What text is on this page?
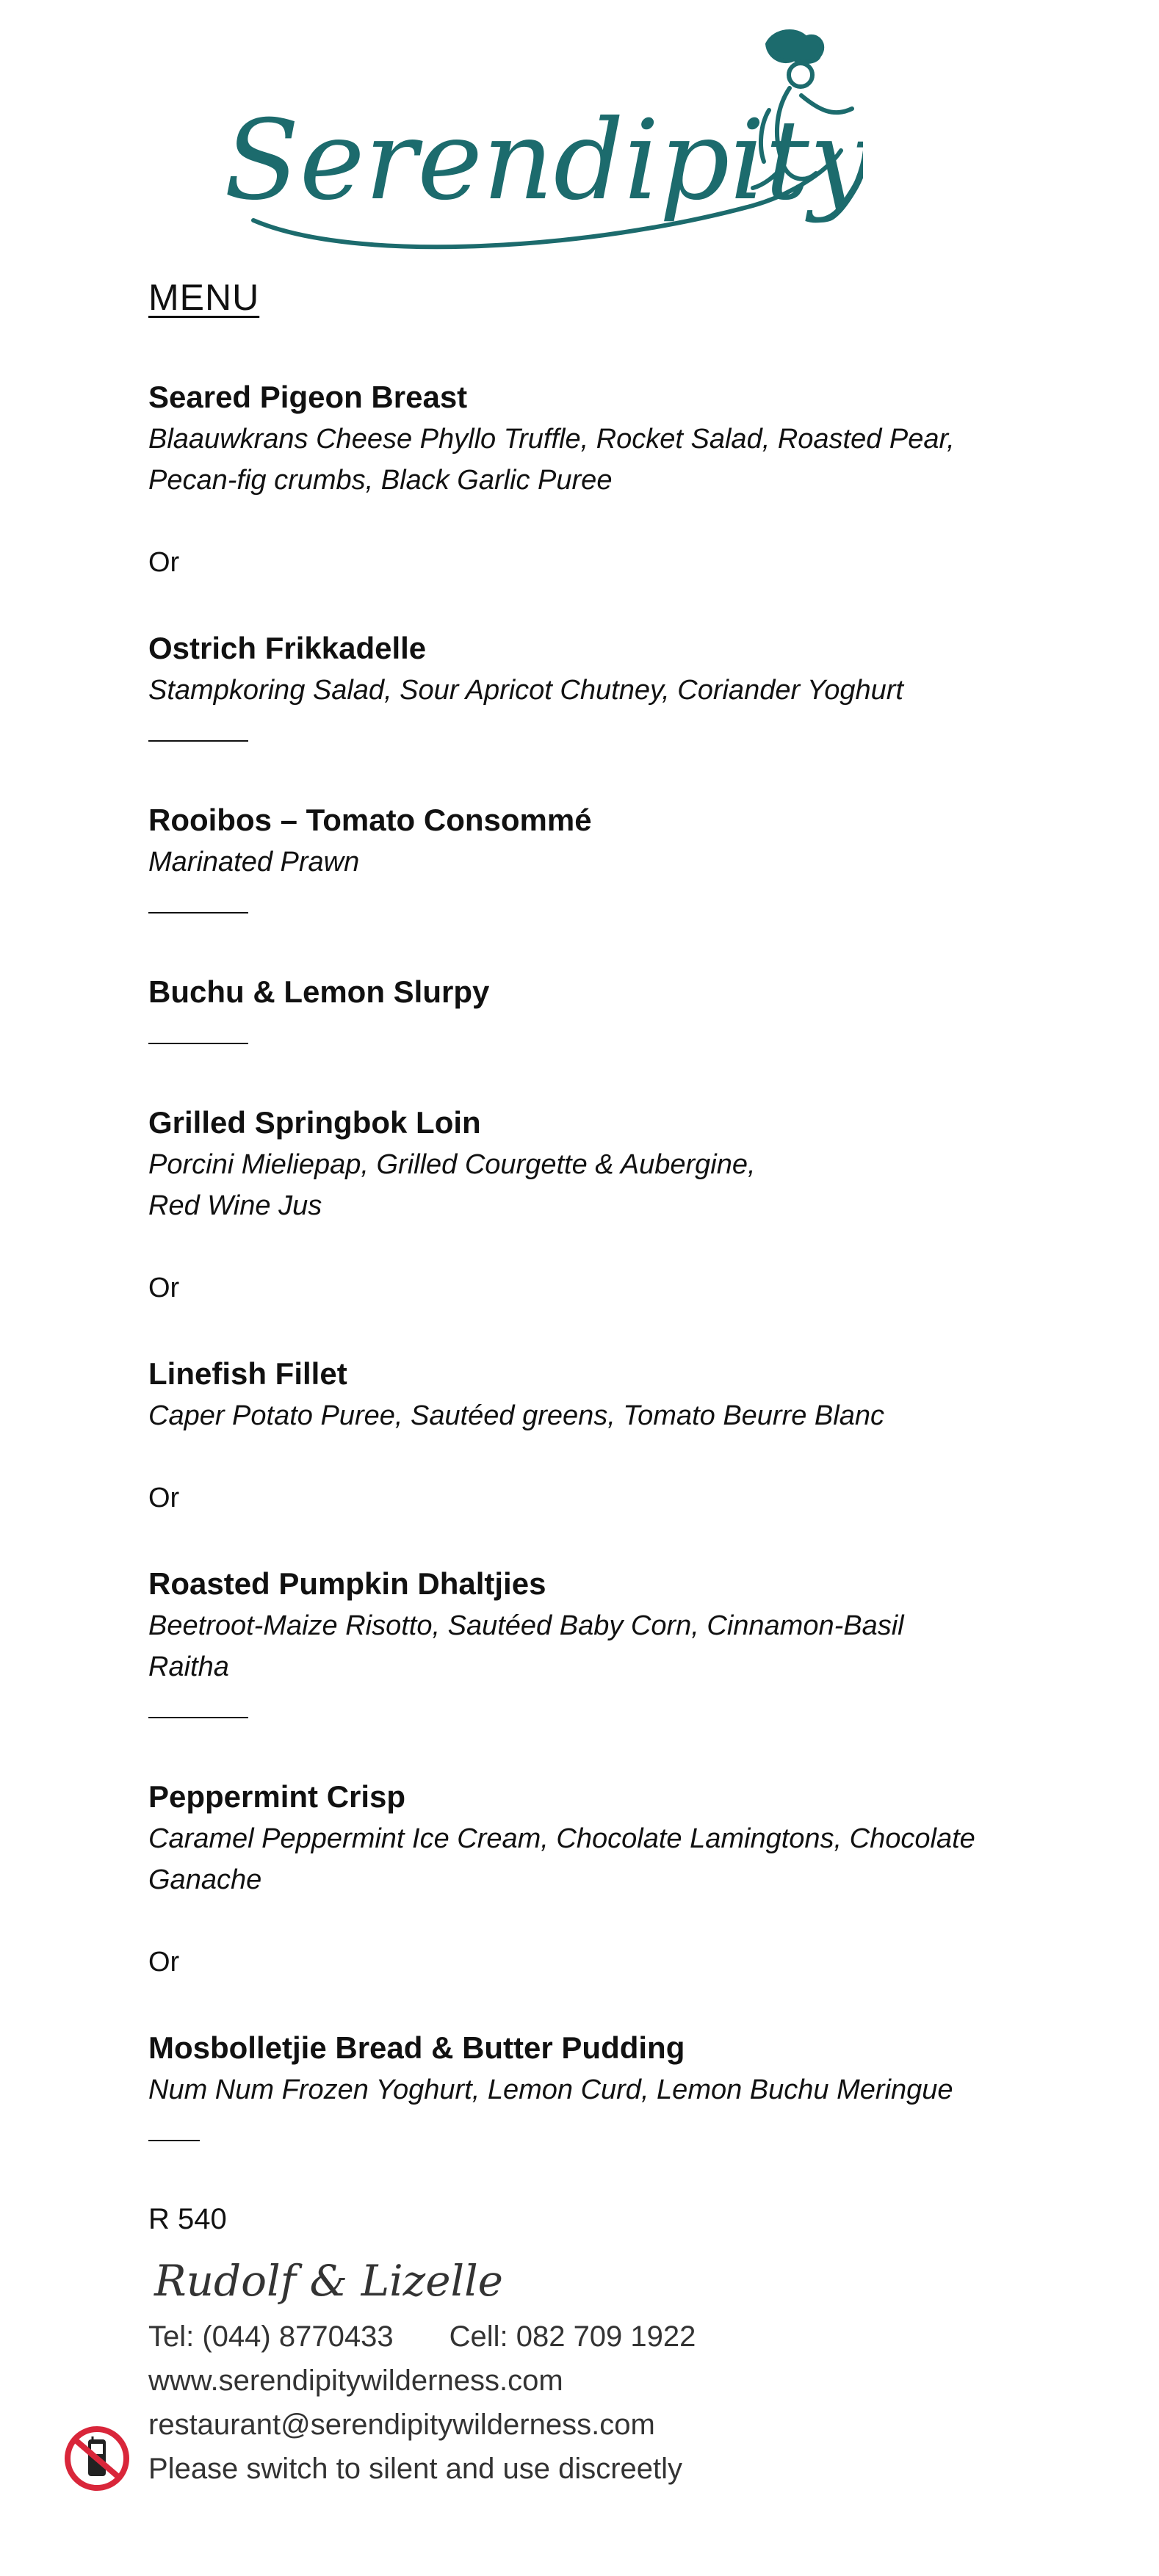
Serendipity
MENU

Seared Pigeon Breast

Blaauwkrans Cheese Phyllo Truffle, Rocket Salad, Roasted Pear,

Pecan-fig crumbs, Black Garlic Puree

Or

Ostrich Frikkadelle

Stampkoring Salad, Sour Apricot Chutney, Coriander Yoghurt

Rooibos – Tomato Consommé

Marinated Prawn

Buchu & Lemon Slurpy

Grilled Springbok Loin

Porcini Mieliepap, Grilled Courgette & Aubergine,

Red Wine Jus

Or

Linefish Fillet

Caper Potato Puree, Sautéed greens, Tomato Beurre Blanc

Or

Roasted Pumpkin Dhaltjies

Beetroot-Maize Risotto, Sautéed Baby Corn, Cinnamon-Basil

Raitha

Peppermint Crisp

Caramel Peppermint Ice Cream, Chocolate Lamingtons, Chocolate

Ganache

Or

Mosbolletjie Bread & Butter Pudding

Num Num Frozen Yoghurt, Lemon Curd, Lemon Buchu Meringue

R 540

Rudolf & Lizelle

Tel: (044) 8770433 Cell: 082 709 1922

www.serendipitywilderness.com

restaurant@serendipitywilderness.com

Please switch to silent and use discreetly
